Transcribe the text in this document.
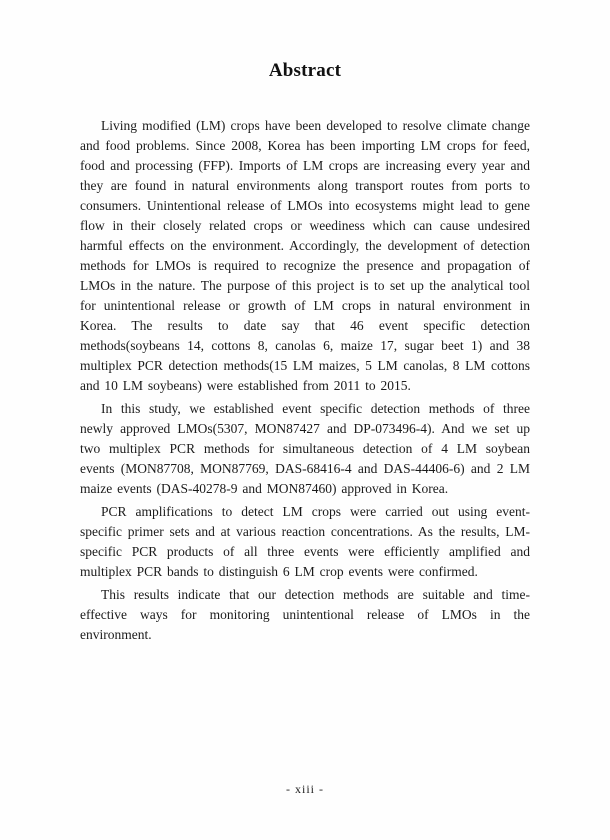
Abstract

Living modified (LM) crops have been developed to resolve climate change and food problems. Since 2008, Korea has been importing LM crops for feed, food and processing (FFP). Imports of LM crops are increasing every year and they are found in natural environments along transport routes from ports to consumers. Unintentional release of LMOs into ecosystems might lead to gene flow in their closely related crops or weediness which can cause undesired harmful effects on the environment. Accordingly, the development of detection methods for LMOs is required to recognize the presence and propagation of LMOs in the nature. The purpose of this project is to set up the analytical tool for unintentional release or growth of LM crops in natural environment in Korea. The results to date say that 46 event specific detection methods(soybeans 14, cottons 8, canolas 6, maize 17, sugar beet 1) and 38 multiplex PCR detection methods(15 LM maizes, 5 LM canolas, 8 LM cottons and 10 LM soybeans) were established from 2011 to 2015.

In this study, we established event specific detection methods of three newly approved LMOs(5307, MON87427 and DP-073496-4). And we set up two multiplex PCR methods for simultaneous detection of 4 LM soybean events (MON87708, MON87769, DAS-68416-4 and DAS-44406-6) and 2 LM maize events (DAS-40278-9 and MON87460) approved in Korea.

PCR amplifications to detect LM crops were carried out using event-specific primer sets and at various reaction concentrations. As the results, LM-specific PCR products of all three events were efficiently amplified and multiplex PCR bands to distinguish 6 LM crop events were confirmed.

This results indicate that our detection methods are suitable and time-effective ways for monitoring unintentional release of LMOs in the environment.

- xiii -
